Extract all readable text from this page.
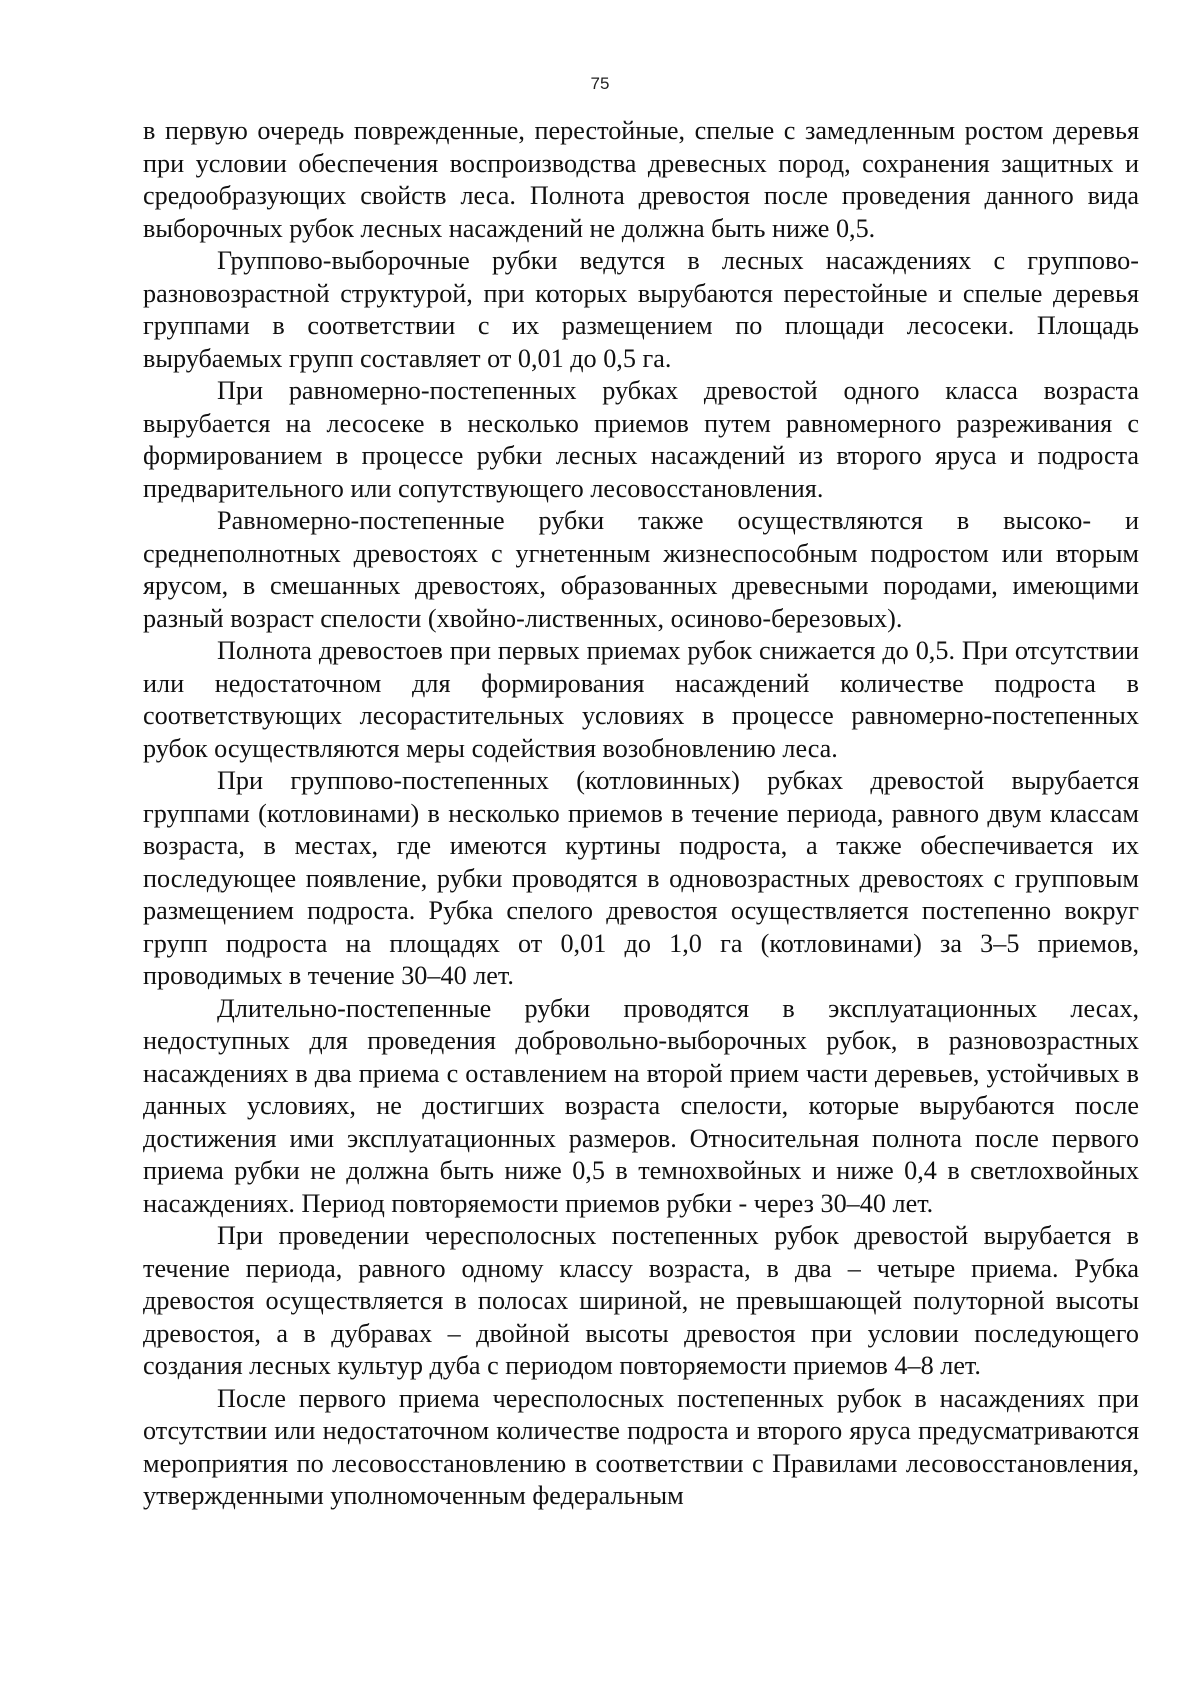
75

в первую очередь поврежденные, перестойные, спелые с замедленным ростом деревья при условии обеспечения воспроизводства древесных пород, сохранения защитных и средообразующих свойств леса. Полнота древостоя после проведения данного вида выборочных рубок лесных насаждений не должна быть ниже 0,5.

Группово-выборочные рубки ведутся в лесных насаждениях с группово-разновозрастной структурой, при которых вырубаются перестойные и спелые деревья группами в соответствии с их размещением по площади лесосеки. Площадь вырубаемых групп составляет от 0,01 до 0,5 га.

При равномерно-постепенных рубках древостой одного класса возраста вырубается на лесосеке в несколько приемов путем равномерного разреживания с формированием в процессе рубки лесных насаждений из второго яруса и подроста предварительного или сопутствующего лесовосстановления.

Равномерно-постепенные рубки также осуществляются в высоко- и среднеполнотных древостоях с угнетенным жизнеспособным подростом или вторым ярусом, в смешанных древостоях, образованных древесными породами, имеющими разный возраст спелости (хвойно-лиственных, осиново-березовых).

Полнота древостоев при первых приемах рубок снижается до 0,5. При отсутствии или недостаточном для формирования насаждений количестве подроста в соответствующих лесорастительных условиях в процессе равномерно-постепенных рубок осуществляются меры содействия возобновлению леса.

При группово-постепенных (котловинных) рубках древостой вырубается группами (котловинами) в несколько приемов в течение периода, равного двум классам возраста, в местах, где имеются куртины подроста, а также обеспечивается их последующее появление, рубки проводятся в одновозрастных древостоях с групповым размещением подроста. Рубка спелого древостоя осуществляется постепенно вокруг групп подроста на площадях от 0,01 до 1,0 га (котловинами) за 3–5 приемов, проводимых в течение 30–40 лет.

Длительно-постепенные рубки проводятся в эксплуатационных лесах, недоступных для проведения добровольно-выборочных рубок, в разновозрастных насаждениях в два приема с оставлением на второй прием части деревьев, устойчивых в данных условиях, не достигших возраста спелости, которые вырубаются после достижения ими эксплуатационных размеров. Относительная полнота после первого приема рубки не должна быть ниже 0,5 в темнохвойных и ниже 0,4 в светлохвойных насаждениях. Период повторяемости приемов рубки - через 30–40 лет.

При проведении чересполосных постепенных рубок древостой вырубается в течение периода, равного одному классу возраста, в два – четыре приема. Рубка древостоя осуществляется в полосах шириной, не превышающей полуторной высоты древостоя, а в дубравах – двойной высоты древостоя при условии последующего создания лесных культур дуба с периодом повторяемости приемов 4–8 лет.

После первого приема чересполосных постепенных рубок в насаждениях при отсутствии или недостаточном количестве подроста и второго яруса предусматриваются мероприятия по лесовосстановлению в соответствии с Правилами лесовосстановления, утвержденными уполномоченным федеральным
